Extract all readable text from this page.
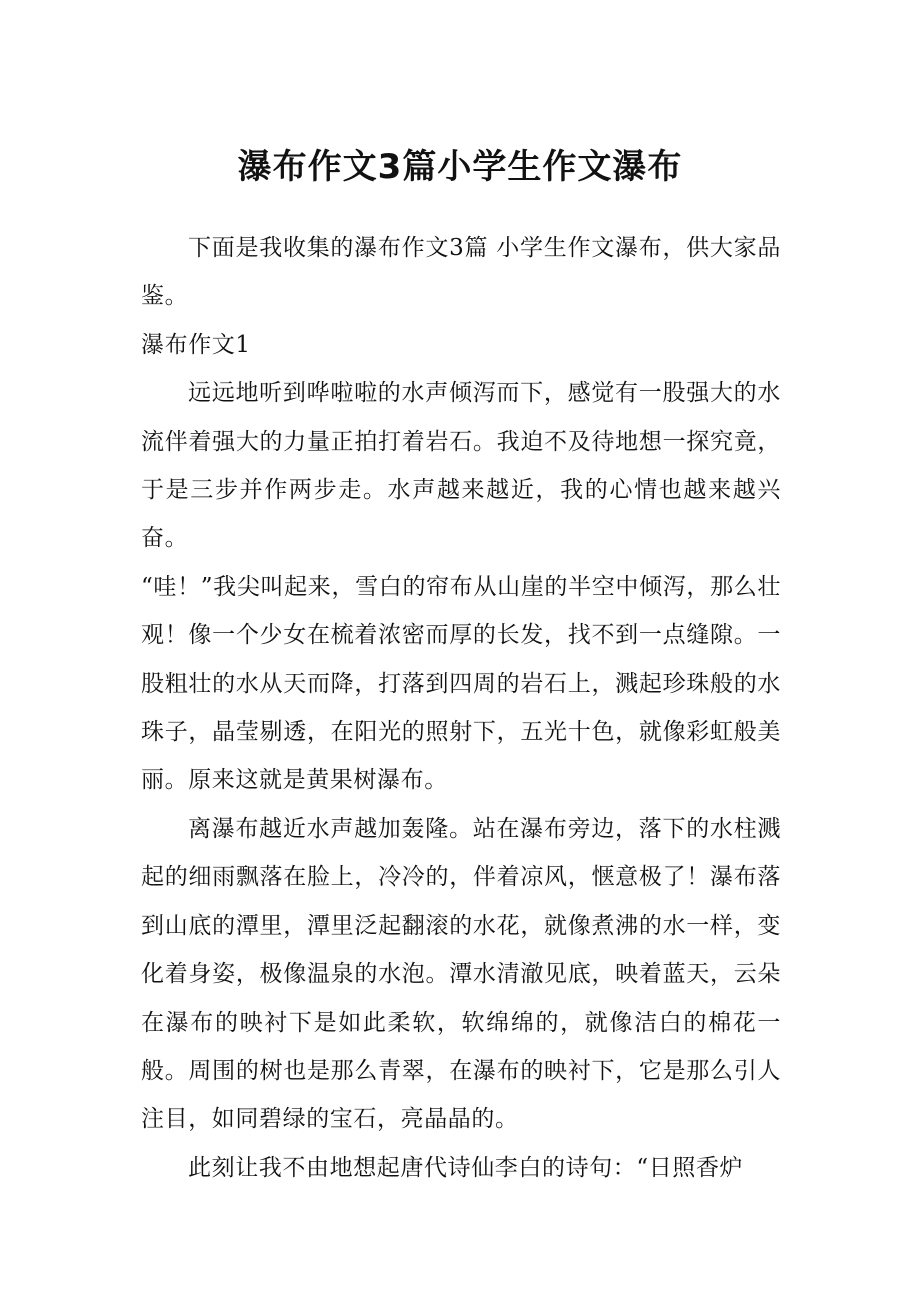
瀑布作文3篇小学生作文瀑布

下面是我收集的瀑布作文3篇 小学生作文瀑布，供大家品鉴。

瀑布作文1

远远地听到哗啦啦的水声倾泻而下，感觉有一股强大的水流伴着强大的力量正拍打着岩石。我迫不及待地想一探究竟，于是三步并作两步走。水声越来越近，我的心情也越来越兴奋。

“哇！”我尖叫起来，雪白的帘布从山崖的半空中倾泻，那么壮观！像一个少女在梳着浓密而厚的长发，找不到一点缝隙。一股粗壮的水从天而降，打落到四周的岩石上，溅起珍珠般的水珠子，晶莹剔透，在阳光的照射下，五光十色，就像彩虹般美丽。原来这就是黄果树瀑布。

离瀑布越近水声越加轰隆。站在瀑布旁边，落下的水柱溅起的细雨飘落在脸上，冷冷的，伴着凉风，惬意极了！瀑布落到山底的潭里，潭里泛起翻滚的水花，就像煮沸的水一样，变化着身姿，极像温泉的水泡。潭水清澈见底，映着蓝天，云朵在瀑布的映衬下是如此柔软，软绵绵的，就像洁白的棉花一般。周围的树也是那么青翠，在瀑布的映衬下，它是那么引人注目，如同碧绿的宝石，亮晶晶的。

此刻让我不由地想起唐代诗仙李白的诗句：“日照香炉
